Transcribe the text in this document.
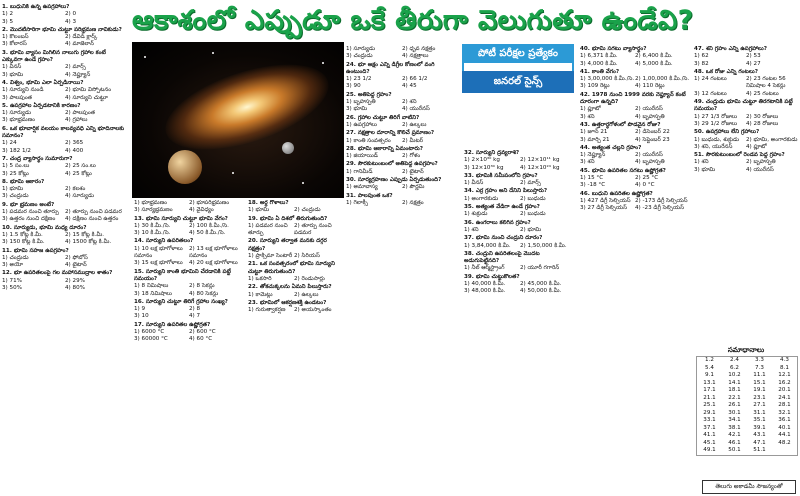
ఆకాశంలో ఎప్పుడూ ఒకే తీరుగా వెలుగుతూ ఉండేవి?
1. బుధునికి ఉన్న ఉపగ్రహాలు?
1) 2	2) 0
3) 5	4) 3
2. మొదటిసారిగా భూమి చుట్టూ పరిభ్రమణ నావికుడు?
1) కొలంబస్	2) డేవిడ్ క్లార్క్
3) కోలారస్	4) మాజెలాన్
3. భూమి వ్యాసం మిగిలిన నాలుగు గ్రహాల కంటే ఎక్కువగా ఉండే గ్రహం?
1) వీనస్	2) మార్స్
3) భూమి	4) నెప్ట్యూన్
4. విశ్వం, భూమి ఎలా ఏర్పడినాయి?
1) సూర్యుని నుండి	2) భూమి విస్పోటనం
3) పాలపుంత	4) సూర్యుని చుట్టూ
5. ఉపగ్రహాల ఏర్పడటానికి కారణం?
1) సూర్యుడు	2) పాలపుంత
3) భూభ్రమణం	4) గ్రహాలు
6. ఒక భూవార్షిక వలయం కాలవ్యవధి ఎన్ని భూదినాలకు సమానం?
1) 24	2) 365
3) 182 1/2	4) 400
7. చంద్ర వ్యాసార్థం సుమారుగా?
1) 5 సం.లు	2) 25 సం.లు
3) 25 కోట్లు	4) 25 కోట్లు
8. భూమి ఆకారం?
1) భూమి	2) కలశం
3) చంద్రుడు	4) సూర్యుడు
9. భూ భ్రమణం అంటే?
1) పడమర నుంచి తూర్పు	2) తూర్పు నుంచి పడమర
3) ఉత్తరం నుంచి దక్షిణం	4) దక్షిణం నుంచి ఉత్తరం
10. సూర్యుడు, భూమి మధ్య దూరం?
1) 1.5 కోట్ల కి.మీ.	2) 15 కోట్ల కి.మీ.
3) 150 కోట్ల కి.మీ.	4) 1500 కోట్ల కి.మీ.
11. భూమి సహజ ఉపగ్రహం?
1) చంద్రుడు	2) ఫోబోస్
3) అయో	4) టైటాన్
12. భూ ఉపరితలంపై గల మహాసముద్రాల శాతం?
1) 71%	2) 29%
3) 50%	4) 80%
1) భూభ్రమణం	2) భూపరిభ్రమణం
3) సూర్యభ్రమణం	4) వైవిధ్యం
13. భూమి సూర్యుని చుట్టూ భూమి వేగం?
1) 30 కి.మీ./సె.	2) 100 కి.మీ./సె.
3) 10 కి.మీ./సె.	4) 50 కి.మీ./సె.
14. సూర్యుని ఉపరితలం?
1) 10 లక్ష భూగోళాలు సమానం
2) 13 లక్ష భూగోళాలు సమానం
3) 15 లక్ష భూగోళాలు	4) 20 లక్ష భూగోళాలు
15. సూర్యుని కాంతి భూమిని చేరడానికి పట్టే సమయం?
1) 8 నిమిషాలు	2) 8 సెకన్లు
3) 18 నిమిషాలు	4) 80 సెకన్లు
16. సూర్యుని చుట్టూ తిరిగే గ్రహాల సంఖ్య?
1) 9	2) 8
3) 10	4) 7
17. సూర్యుని ఉపరితల ఉష్ణోగ్రత?
1) 6000 °C	2) 600 °C
3) 60000 °C	4) 60 °C
18. అర్ధ గోళాలు?
1) భూమి	2) చంద్రుడు
19. భూమి ఏ దిశలో తిరుగుతుంది?
1) పడమర నుంచి తూర్పు
2) తూర్పు నుంచి పడమర
20. సూర్యుని తర్వాత మనకు దగ్గర నక్షత్రం?
1) ప్రాక్సిమా సెంటారీ 2) సిరియస్
21. ఒక సంవత్సరంలో భూమి సూర్యుని చుట్టూ తిరుగుతుంది?
1) ఒకసారి	2) రెండుసార్లు
22. తోకచుక్కలను ఏమని పిలుస్తారు?
1) కామెట్లు	2) ఉల్కలు
23. భూమిలో ఆకర్షణశక్తి ఉండటం?
1) గురుత్వాకర్షణ	2) అయస్కాంతం
1) సూర్యుడు	2) ధృవ నక్షత్రం
3) చంద్రుడు	4) నక్షత్రాలు
24. భూ అక్షం ఎన్ని డిగ్రీల కోణంలో వంగి ఉంటుంది?
1) 23 1/2	2) 66 1/2
3) 90	4) 45
25. అతిపెద్ద గ్రహం?
1) బృహస్పతి	2) శని
3) భూమి	4) యురేనస్
26. గ్రహాల చుట్టూ తిరిగే వాటిని?
1) ఉపగ్రహాలు	2) ఉల్కలు
27. నక్షత్రాల దూరాన్ని కొలిచే ప్రమాణం?
1) కాంతి సంవత్సరం	2) మీటర్
28. భూమి ఆకారాన్ని ఏమంటారు?
1) జియాయిడ్	2) గోళం
29. సౌరకుటుంబంలో అతిపెద్ద ఉపగ్రహం?
1) గానిమీడ్	2) టైటాన్
30. సూర్యగ్రహణం ఎప్పుడు ఏర్పడుతుంది?
1) అమావాస్య	2) పౌర్ణమి
31. పాలపుంత ఒక?
1) గెలాక్సీ	2) నక్షత్రం
పోటీ పరీక్షల ప్రత్యేకం
జనరల్ సైన్స్
32. సూర్యుని ద్రవ్యరాశి?
1) 2×10³⁰ kg	2) 12×10¹¹ kg
3) 12×10³⁰ kg	4) 12×10²⁴ kg
33. భూమికి సమీపంలోని గ్రహం?
1) వీనస్	2) మార్స్
34. ఎర్ర గ్రహం అని దేనిని పిలుస్తారు?
1) అంగారకుడు	2) బుధుడు
35. అత్యంత వేడిగా ఉండే గ్రహం?
1) శుక్రుడు	2) బుధుడు
36. ఉంగరాలు కలిగిన గ్రహం?
1) శని	2) భూమి
37. భూమి నుంచి చంద్రుని దూరం?
1) 3,84,000 కి.మీ.	2) 1,50,000 కి.మీ.
38. చంద్రుని ఉపరితలంపై మొదట అడుగుపెట్టినది?
1) నీల్ ఆర్మ్‌స్ట్రాంగ్	2) యూరీ గగారిన్
39. భూమి చుట్టుకొలత?
1) 40,000 కి.మీ.	2) 45,000 కి.మీ.
3) 48,000 కి.మీ.	4) 50,000 కి.మీ.
40. భూమి సగటు వ్యాసార్థం?
1) 6,371 కి.మీ.	2) 6,400 కి.మీ.
3) 4,000 కి.మీ.	4) 5,000 కి.మీ.
41. కాంతి వేగం?
1) 3,00,000 కి.మీ./సె. 2) 1,00,000 కి.మీ./సె.
3) 109 రెట్లు	4) 110 రెట్లు
42. 1978 నుంచి 1999 వరకు నెప్ట్యూన్ కంటే దూరంగా ఉన్నది?
1) ప్లూటో	2) యురేనస్
3) శని	4) బృహస్పతి
43. ఉత్తరార్ధగోళంలో పొడవైన రోజు?
1) జూన్ 21	2) డిసెంబర్ 22
3) మార్చి 21	4) సెప్టెంబర్ 23
44. అత్యంత చల్లని గ్రహం?
1) నెప్ట్యూన్	2) యురేనస్
3) శని	4) బృహస్పతి
45. భూమి ఉపరితల సగటు ఉష్ణోగ్రత?
1) 15 °C	2) 25 °C
3) -18 °C	4) 0 °C
46. బుధుని ఉపరితల ఉష్ణోగ్రత?
1) 427 డిగ్రీ సెల్సియస్ 2) -173 డిగ్రీ సెల్సియస్
3) 27 డిగ్రీ సెల్సియస్	4) -23 డిగ్రీ సెల్సియస్
47. శని గ్రహం ఎన్ని ఉపగ్రహాలు?
1) 62	2) 53
3) 82	4) 27
48. ఒక రోజు ఎన్ని గంటలు?
1) 24 గంటలు	2) 23 గంటల 56 నిమిషాల 4 సెకన్లు
3) 12 గంటలు	4) 25 గంటలు
49. చంద్రుడు భూమి చుట్టూ తిరగటానికి పట్టే సమయం?
1) 27 1/3 రోజులు	2) 30 రోజులు
3) 29 1/2 రోజులు	4) 28 రోజులు
50. ఉపగ్రహాలు లేని గ్రహాలు?
1) బుధుడు, శుక్రుడు	2) భూమి, అంగారకుడు
3) శని, యురేనస్	4) ప్లూటో
51. సౌరకుటుంబంలో రెండవ పెద్ద గ్రహం?
1) శని	2) బృహస్పతి
3) భూమి	4) యురేనస్
సమాధానాలు
1.2	2.4	3.3	4.3
5.4	6.2	7.3	8.1
9.1	10.2	11.1	12.1
13.1	14.1	15.1	16.2
17.1	18.1	19.1	20.1
21.1	22.1	23.1	24.1
25.1	26.1	27.1	28.1
29.1	30.1	31.1	32.1
33.1	34.1	35.1	36.1
37.1	38.1	39.1	40.1
41.1	42.1	43.1	44.1
45.1	46.1	47.1	48.2
49.1	50.1	51.1
తెలుగు అకాడమీ సౌజన్యంతో
